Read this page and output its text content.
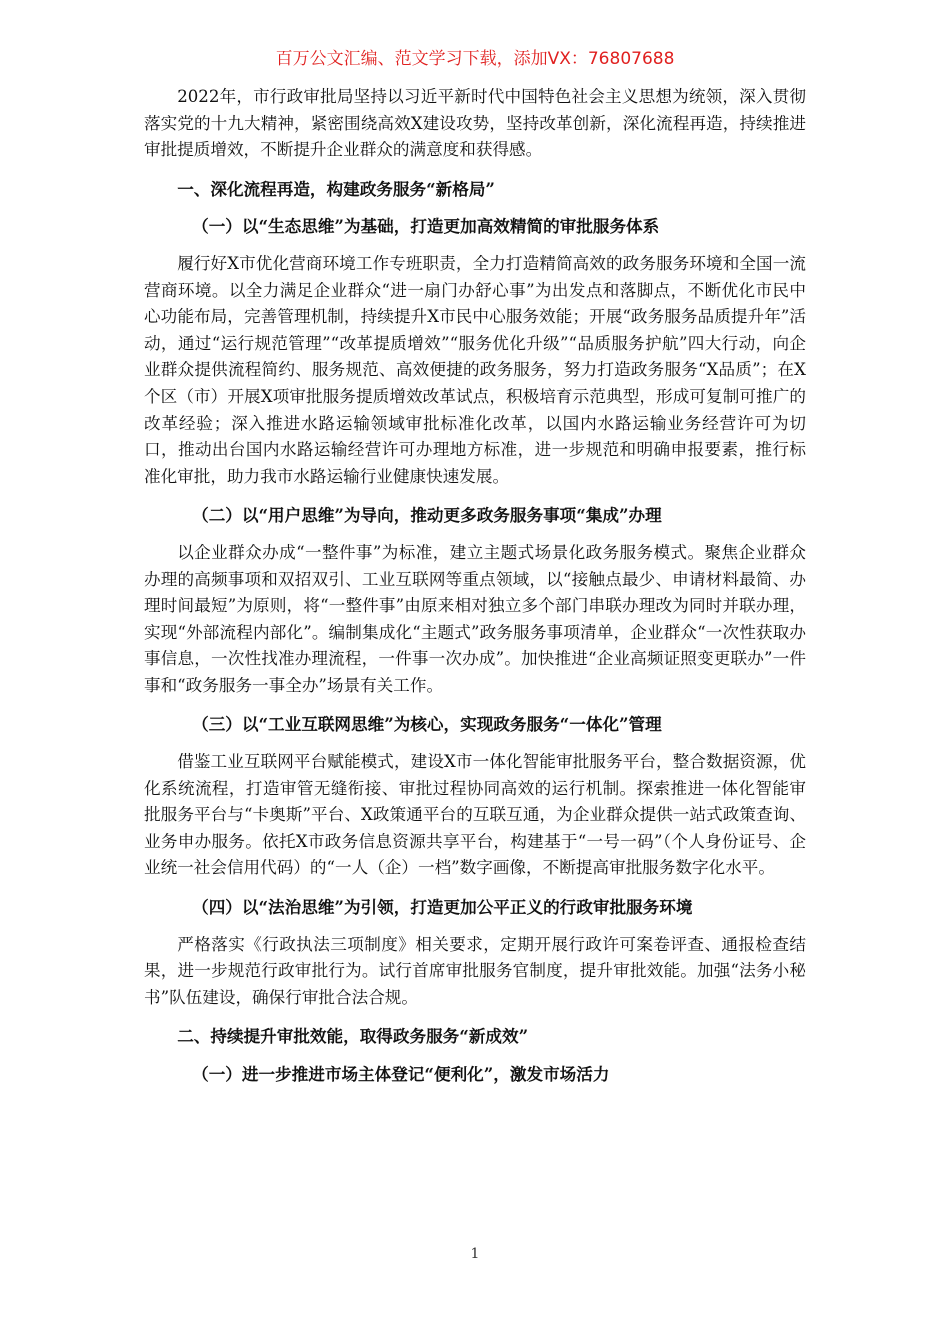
百万公文汇编、范文学习下载，添加VX：76807688

2022年，市行政审批局坚持以习近平新时代中国特色社会主义思想为统领，深入贯彻落实党的十九大精神，紧密围绕高效X建设攻势，坚持改革创新，深化流程再造，持续推进审批提质增效，不断提升企业群众的满意度和获得感。

一、深化流程再造，构建政务服务“新格局”

（一）以“生态思维”为基础，打造更加高效精简的审批服务体系

履行好X市优化营商环境工作专班职责，全力打造精简高效的政务服务环境和全国一流营商环境。以全力满足企业群众“进一扇门办舒心事”为出发点和落脚点，不断优化市民中心功能布局，完善管理机制，持续提升X市民中心服务效能；开展“政务服务品质提升年”活动，通过“运行规范管理”“改革提质增效”“服务优化升级”“品质服务护航”四大行动，向企业群众提供流程简约、服务规范、高效便捷的政务服务，努力打造政务服务“X品质”；在X个区（市）开展X项审批服务提质增效改革试点，积极培育示范典型，形成可复制可推广的改革经验；深入推进水路运输领域审批标准化改革，以国内水路运输业务经营许可为切口，推动出台国内水路运输经营许可办理地方标准，进一步规范和明确申报要素，推行标准化审批，助力我市水路运输行业健康快速发展。

（二）以“用户思维”为导向，推动更多政务服务事项“集成”办理

以企业群众办成“一整件事”为标准，建立主题式场景化政务服务模式。聚焦企业群众办理的高频事项和双招双引、工业互联网等重点领域，以“接触点最少、申请材料最简、办理时间最短”为原则，将“一整件事”由原来相对独立多个部门串联办理改为同时并联办理，实现“外部流程内部化”。编制集成化“主题式”政务服务事项清单，企业群众“一次性获取办事信息，一次性找准办理流程，一件事一次办成”。加快推进“企业高频证照变更联办”一件事和“政务服务一事全办”场景有关工作。

（三）以“工业互联网思维”为核心，实现政务服务“一体化”管理

借鉴工业互联网平台赋能模式，建设X市一体化智能审批服务平台，整合数据资源，优化系统流程，打造审管无缝衔接、审批过程协同高效的运行机制。探索推进一体化智能审批服务平台与“卡奥斯”平台、X政策通平台的互联互通，为企业群众提供一站式政策查询、业务申办服务。依托X市政务信息资源共享平台，构建基于“一号一码”（个人身份证号、企业统一社会信用代码）的“一人（企）一档”数字画像，不断提高审批服务数字化水平。

（四）以“法治思维”为引领，打造更加公平正义的行政审批服务环境

严格落实《行政执法三项制度》相关要求，定期开展行政许可案卷评查、通报检查结果，进一步规范行政审批行为。试行首席审批服务官制度，提升审批效能。加强“法务小秘书”队伍建设，确保行审批合法合规。

二、持续提升审批效能，取得政务服务“新成效”

（一）进一步推进市场主体登记“便利化”，激发市场活力

1
